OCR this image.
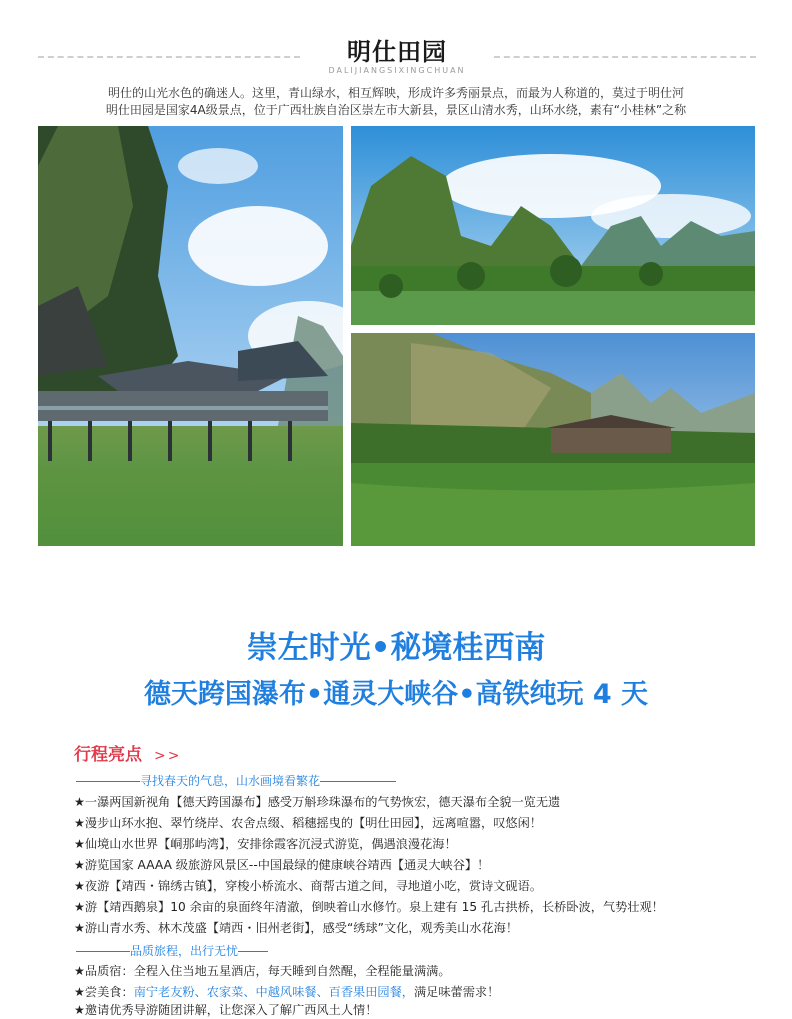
明仕田园
DALIJIANGSIXINGCHUAN
明仕的山光水色的确迷人。这里，青山绿水，相互辉映，形成许多秀丽景点，而最为人称道的，莫过于明仕河
明仕田园是国家4A级景点，位于广西壮族自治区崇左市大新县，景区山清水秀，山环水绕，素有“小桂林”之称
崇左时光•秘境桂西南
德天跨国瀑布•通灵大峡谷•高铁纯玩 4 天
行程亮点 >>
寻找春天的气息，山水画境看繁花
★一瀑两国新视角【德天跨国瀑布】感受万斛珍珠瀑布的气势恢宏，德天瀑布全貌一览无遗
★漫步山环水抱、翠竹绕岸、农舍点缀、稻穗摇曳的【明仕田园】，远离喧嚣，叹悠闲！
★仙境山水世界【峒那屿湾】，安排徐霞客沉浸式游览，偶遇浪漫花海！
★游览国家 AAAA 级旅游风景区--中国最绿的健康峡谷靖西【通灵大峡谷】！
★夜游【靖西・锦绣古镇】，穿梭小桥流水、商帮古道之间，寻地道小吃，赏诗文砚语。
★游【靖西鹅泉】10 余亩的泉面终年清澈，倒映着山水修竹。泉上建有 15 孔古拱桥，长桥卧波，气势壮观！
★游山青水秀、林木茂盛【靖西・旧州老街】，感受“绣球”文化，观秀美山水花海！
品质旅程，出行无忧
★品质宿：全程入住当地五星酒店，每天睡到自然醒，全程能量满满。
★尝美食：南宁老友粉、农家菜、中越风味餐、百香果田园餐，满足味蕾需求！
★邀请优秀导游随团讲解，让您深入了解广西风土人情！
